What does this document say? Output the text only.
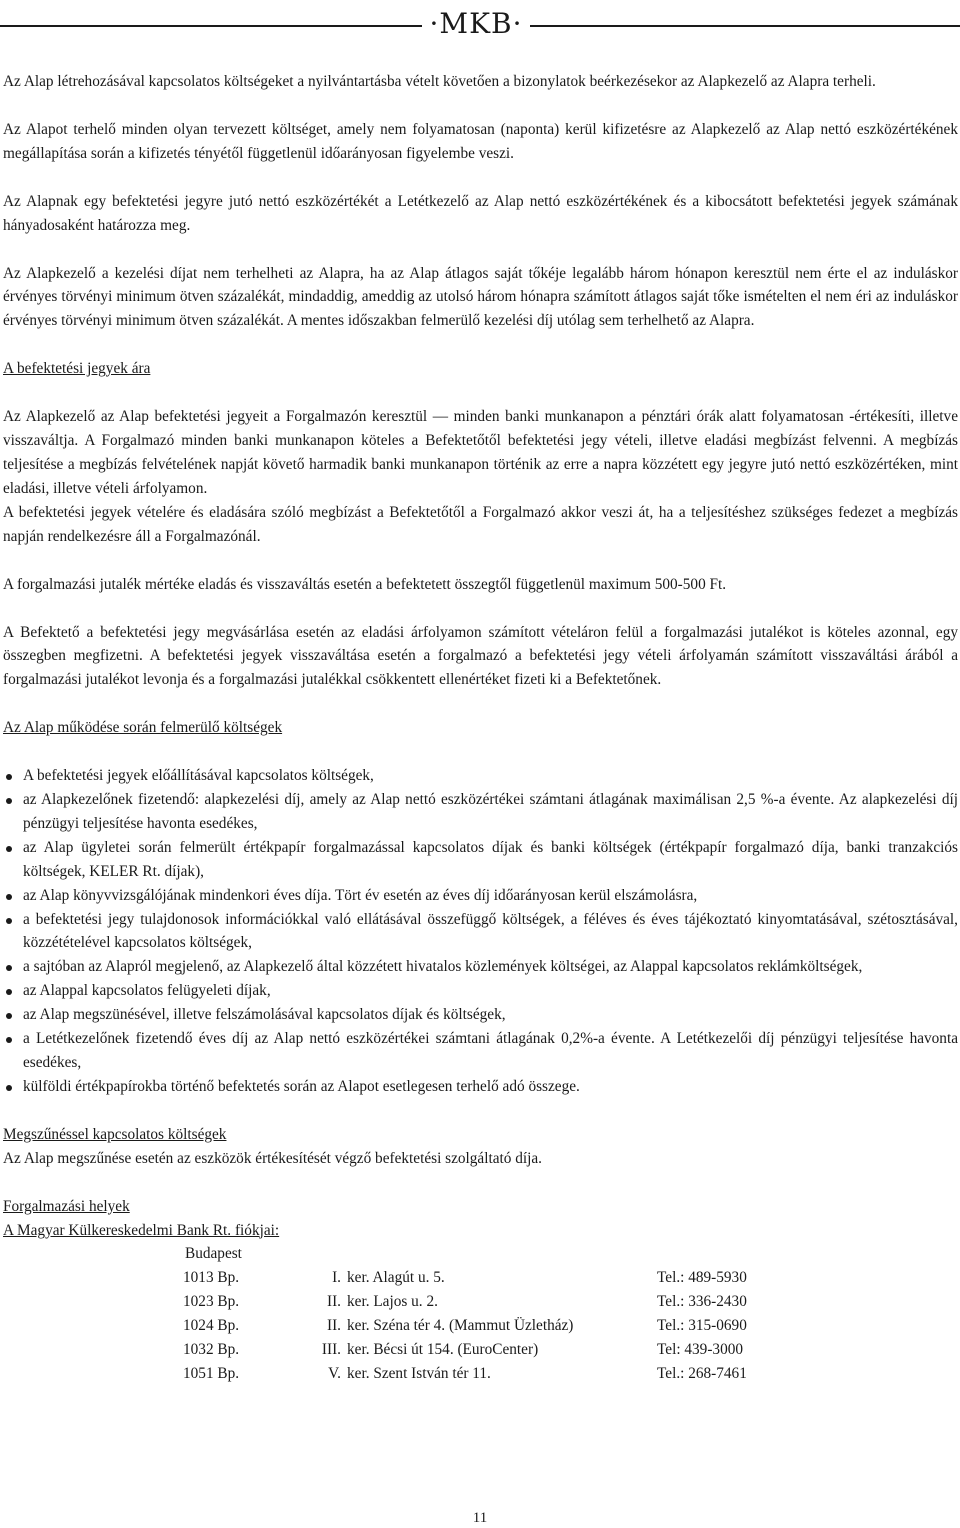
·MKB·

Az Alap létrehozásával kapcsolatos költségeket a nyilvántartásba vételt követően a bizonylatok beérkezésekor az Alapkezelő az Alapra terheli.

Az Alapot terhelő minden olyan tervezett költséget, amely nem folyamatosan (naponta) kerül kifizetésre az Alapkezelő az Alap nettó eszközértékének megállapítása során a kifizetés tényétől függetlenül időarányosan figyelembe veszi.

Az Alapnak egy befektetési jegyre jutó nettó eszközértékét a Letétkezelő az Alap nettó eszközértékének és a kibocsátott befektetési jegyek számának hányadosaként határozza meg.

Az Alapkezelő a kezelési díjat nem terhelheti az Alapra, ha az Alap átlagos saját tőkéje legalább három hónapon keresztül nem érte el az induláskor érvényes törvényi minimum ötven százalékát, mindaddig, ameddig az utolsó három hónapra számított átlagos saját tőke ismételten el nem éri az induláskor érvényes törvényi minimum ötven százalékát. A mentes időszakban felmerülő kezelési díj utólag sem terhelhető az Alapra.

A befektetési jegyek ára

Az Alapkezelő az Alap befektetési jegyeit a Forgalmazón keresztül — minden banki munkanapon a pénztári órák alatt folyamatosan -értékesíti, illetve visszaváltja. A Forgalmazó minden banki munkanapon köteles a Befektetőtől befektetési jegy vételi, illetve eladási megbízást felvenni. A megbízás teljesítése a megbízás felvételének napját követő harmadik banki munkanapon történik az erre a napra közzétett egy jegyre jutó nettó eszközértéken, mint eladási, illetve vételi árfolyamon.

A befektetési jegyek vételére és eladására szóló megbízást a Befektetőtől a Forgalmazó akkor veszi át, ha a teljesítéshez szükséges fedezet a megbízás napján rendelkezésre áll a Forgalmazónál.

A forgalmazási jutalék mértéke eladás és visszaváltás esetén a befektetett összegtől függetlenül maximum 500-500 Ft.

A Befektető a befektetési jegy megvásárlása esetén az eladási árfolyamon számított vételáron felül a forgalmazási jutalékot is köteles azonnal, egy összegben megfizetni. A befektetési jegyek visszaváltása esetén a forgalmazó a befektetési jegy vételi árfolyamán számított visszaváltási árából a forgalmazási jutalékot levonja és a forgalmazási jutalékkal csökkentett ellenértéket fizeti ki a Befektetőnek.

Az Alap működése során felmerülő költségek
A befektetési jegyek előállításával kapcsolatos költségek,
az Alapkezelőnek fizetendő: alapkezelési díj, amely az Alap nettó eszközértékei számtani átlagának maximálisan 2,5 %-a évente. Az alapkezelési díj pénzügyi teljesítése havonta esedékes,
az Alap ügyletei során felmerült értékpapír forgalmazással kapcsolatos díjak és banki költségek (értékpapír forgalmazó díja, banki tranzakciós költségek, KELER Rt. díjak),
az Alap könyvvizsgálójának mindenkori éves díja. Tört év esetén az éves díj időarányosan kerül elszámolásra,
a befektetési jegy tulajdonosok információkkal való ellátásával összefüggő költségek, a féléves és éves tájékoztató kinyomtatásával, szétosztásával, közzétételével kapcsolatos költségek,
a sajtóban az Alapról megjelenő, az Alapkezelő által közzétett hivatalos közlemények költségei, az Alappal kapcsolatos reklámköltségek,
az Alappal kapcsolatos felügyeleti díjak,
az Alap megszünésével, illetve felszámolásával kapcsolatos díjak és költségek,
a Letétkezelőnek fizetendő éves díj az Alap nettó eszközértékei számtani átlagának 0,2%-a évente. A Letétkezelői díj pénzügyi teljesítése havonta esedékes,
külföldi értékpapírokba történő befektetés során az Alapot esetlegesen terhelő adó összege.
Megszűnéssel kapcsolatos költségek

Az Alap megszűnése esetén az eszközök értékesítését végző befektetési szolgáltató díja.

Forgalmazási helyek
A Magyar Külkereskedelmi Bank Rt. fiókjai:
Budapest
1013 Bp.	I. ker. Alagút u. 5.	Tel.: 489-5930
1023 Bp.	II. ker. Lajos u. 2.	Tel.: 336-2430
1024 Bp.	II. ker. Széna tér 4. (Mammut Üzletház)	Tel.: 315-0690
1032 Bp.	III. ker. Bécsi út 154. (EuroCenter)	Tel: 439-3000
1051 Bp.	V. ker. Szent István tér 11.	Tel.: 268-7461
11
